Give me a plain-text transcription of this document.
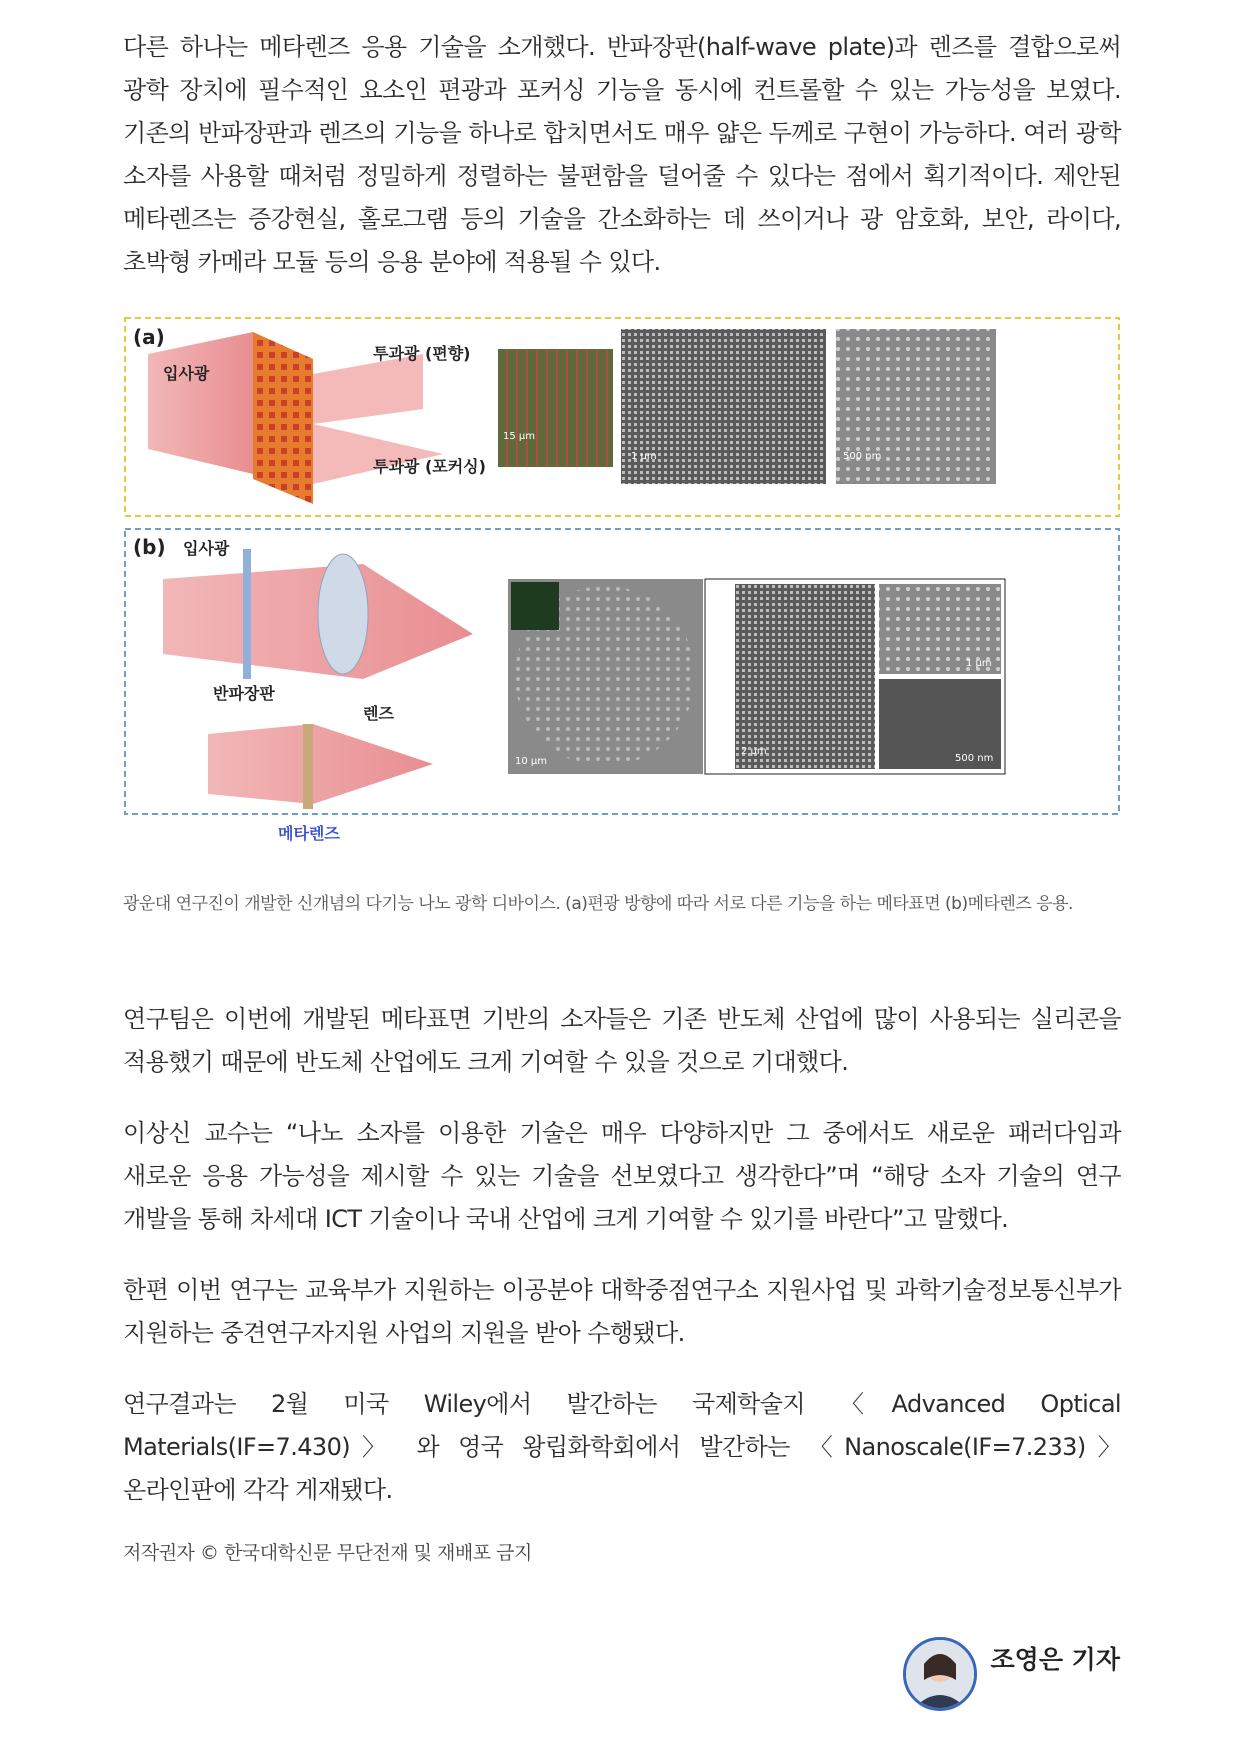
다른 하나는 메타렌즈 응용 기술을 소개했다. 반파장판(half-wave plate)과 렌즈를 결합으로써 광학 장치에 필수적인 요소인 편광과 포커싱 기능을 동시에 컨트롤할 수 있는 가능성을 보였다. 기존의 반파장판과 렌즈의 기능을 하나로 합치면서도 매우 얇은 두께로 구현이 가능하다. 여러 광학 소자를 사용할 때처럼 정밀하게 정렬하는 불편함을 덜어줄 수 있다는 점에서 획기적이다. 제안된 메타렌즈는 증강현실, 홀로그램 등의 기술을 간소화하는 데 쓰이거나 광 암호화, 보안, 라이다, 초박형 카메라 모듈 등의 응용 분야에 적용될 수 있다.

(a)
입사광
투과광 (편향)
투과광 (포커싱)
15 μm
1 μm	500 nm
(b) 입사광
반파장판
렌즈
메타렌즈
10 μm
2 μm
1 μm
500 nm

광운대 연구진이 개발한 신개념의 다기능 나노 광학 디바이스. (a)편광 방향에 따라 서로 다른 기능을 하는 메타표면 (b)메타렌즈 응용.

연구팀은 이번에 개발된 메타표면 기반의 소자들은 기존 반도체 산업에 많이 사용되는 실리콘을 적용했기 때문에 반도체 산업에도 크게 기여할 수 있을 것으로 기대했다.

이상신 교수는 “나노 소자를 이용한 기술은 매우 다양하지만 그 중에서도 새로운 패러다임과 새로운 응용 가능성을 제시할 수 있는 기술을 선보였다고 생각한다”며 “해당 소자 기술의 연구 개발을 통해 차세대 ICT 기술이나 국내 산업에 크게 기여할 수 있기를 바란다”고 말했다.

한편 이번 연구는 교육부가 지원하는 이공분야 대학중점연구소 지원사업 및 과학기술정보통신부가 지원하는 중견연구자지원 사업의 지원을 받아 수행됐다.

연구결과는 2월 미국 Wiley에서 발간하는 국제학술지 〈Advanced Optical Materials(IF=7.430)〉 와 영국 왕립화학회에서 발간하는 〈Nanoscale(IF=7.233)〉 온라인판에 각각 게재됐다.

저작권자 © 한국대학신문 무단전재 및 재배포 금지
조영은 기자
